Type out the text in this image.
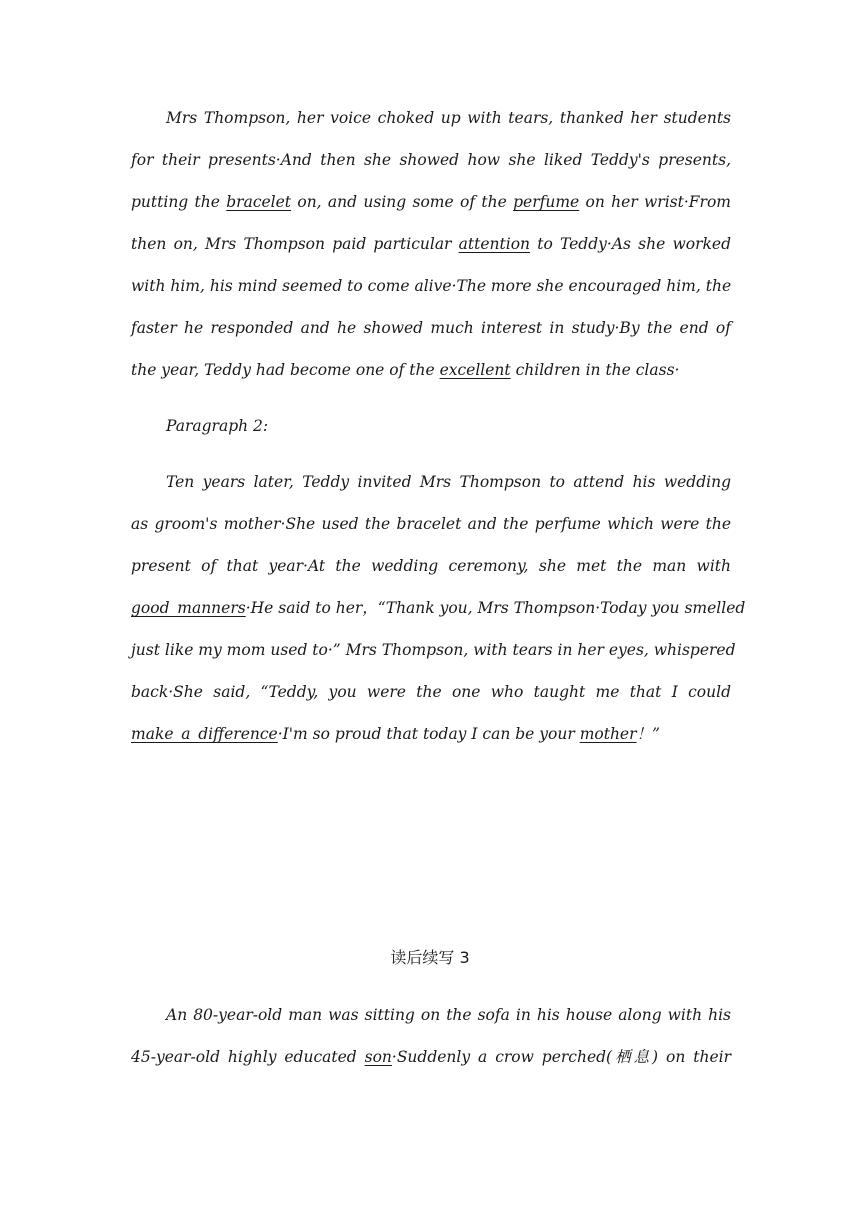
Mrs Thompson, her voice choked up with tears, thanked her students
for their presents·And then she showed how she liked Teddy's presents,
putting the bracelet on, and using some of the perfume on her wrist·From
then on, Mrs Thompson paid particular attention to Teddy·As she worked
with him, his mind seemed to come alive·The more she encouraged him, the
faster he responded and he showed much interest in study·By the end of
the year, Teddy had become one of the excellent children in the class·
Paragraph 2:
Ten years later, Teddy invited Mrs Thompson to attend his wedding
as groom's mother·She used the bracelet and the perfume which were the
present of that year·At the wedding ceremony, she met the man with
good_manners·He said to her，“Thank you, Mrs Thompson·Today you smelled
just like my mom used to·” Mrs Thompson, with tears in her eyes, whispered
back·She said, “Teddy, you were the one who taught me that I could
make_a_difference·I'm so proud that today I can be your mother！”
读后续写 3
An 80-year-old man was sitting on the sofa in his house along with his
45-year-old highly educated son·Suddenly a crow perched(栖息) on their
